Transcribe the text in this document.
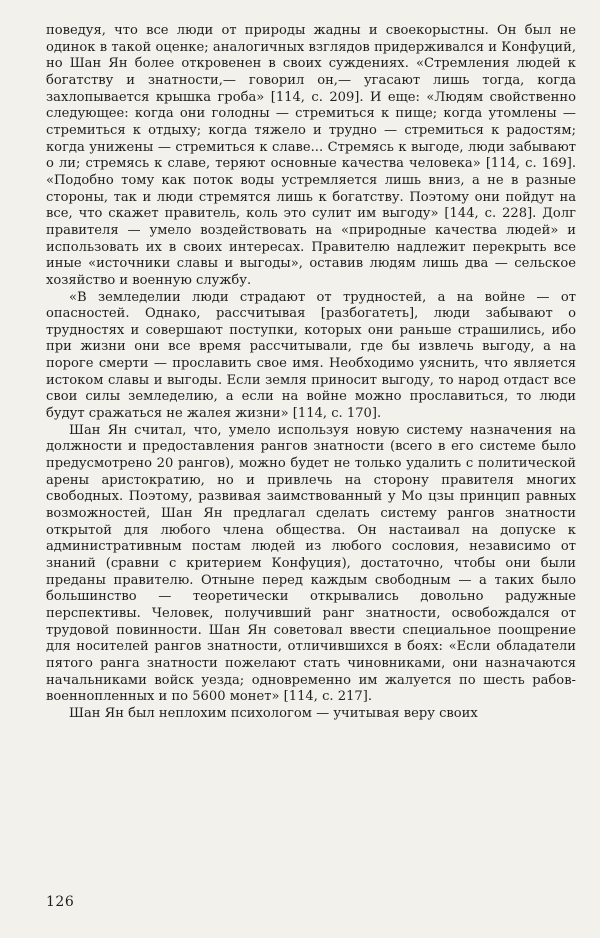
поведуя, что все люди от природы жадны и своекорыстны. Он был не одинок в такой оценке; аналогичных взглядов придерживался и Конфуций, но Шан Ян более откровенен в своих суждениях. «Стремления людей к богатству и знатности,— говорил он,— угасают лишь тогда, когда захлопывается крышка гроба» [114, с. 209]. И еще: «Людям свойственно следующее: когда они голодны — стремиться к пище; когда утомлены — стремиться к отдыху; когда тяжело и трудно — стремиться к радостям; когда унижены — стремиться к славе... Стремясь к выгоде, люди забывают о ли; стремясь к славе, теряют основные качества человека» [114, с. 169]. «Подобно тому как поток воды устремляется лишь вниз, а не в разные стороны, так и люди стремятся лишь к богатству. Поэтому они пойдут на все, что скажет правитель, коль это сулит им выгоду» [144, с. 228]. Долг правителя — умело воздействовать на «природные качества людей» и использовать их в своих интересах. Правителю надлежит перекрыть все иные «источники славы и выгоды», оставив людям лишь два — сельское хозяйство и военную службу.

«В земледелии люди страдают от трудностей, а на войне — от опасностей. Однако, рассчитывая [разбогатеть], люди забывают о трудностях и совершают поступки, которых они раньше страшились, ибо при жизни они все время рассчитывали, где бы извлечь выгоду, а на пороге смерти — прославить свое имя. Необходимо уяснить, что является истоком славы и выгоды. Если земля приносит выгоду, то народ отдаст все свои силы земледелию, а если на войне можно прославиться, то люди будут сражаться не жалея жизни» [114, с. 170].

Шан Ян считал, что, умело используя новую систему назначения на должности и предоставления рангов знатности (всего в его системе было предусмотрено 20 рангов), можно будет не только удалить с политической арены аристократию, но и привлечь на сторону правителя многих свободных. Поэтому, развивая заимствованный у Мо цзы принцип равных возможностей, Шан Ян предлагал сделать систему рангов знатности открытой для любого члена общества. Он настаивал на допуске к административным постам людей из любого сословия, независимо от знаний (сравни с критерием Конфуция), достаточно, чтобы они были преданы правителю. Отныне перед каждым свободным — а таких было большинство — теоретически открывались довольно радужные перспективы. Человек, получивший ранг знатности, освобождался от трудовой повинности. Шан Ян советовал ввести специальное поощрение для носителей рангов знатности, отличившихся в боях: «Если обладатели пятого ранга знатности пожелают стать чиновниками, они назначаются начальниками войск уезда; одновременно им жалуется по шесть рабов-военнопленных и по 5600 монет» [114, с. 217].

Шан Ян был неплохим психологом — учитывая веру своих

126
